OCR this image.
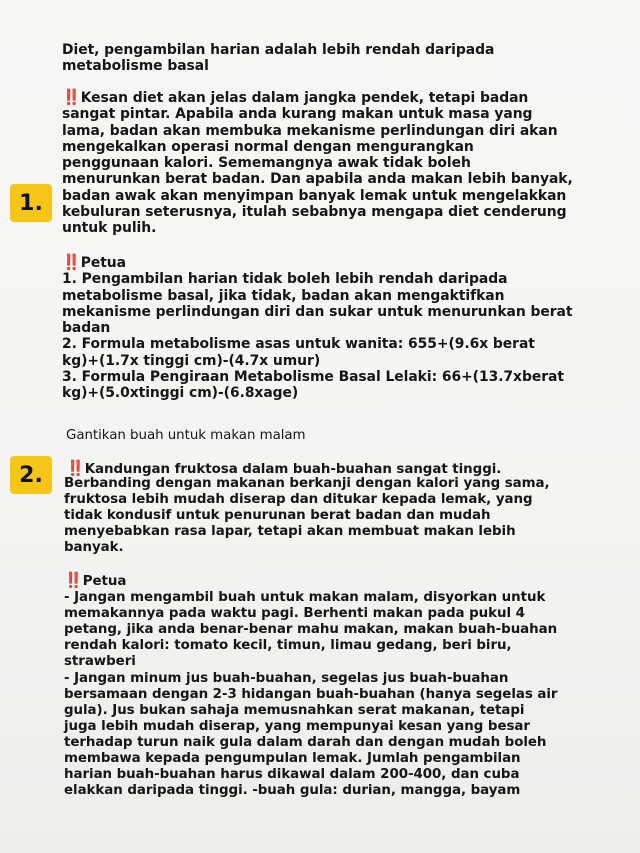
1.
2.
Diet, pengambilan harian adalah lebih rendah daripada
metabolisme basal
‼️ Kesan diet akan jelas dalam jangka pendek, tetapi badan
sangat pintar. Apabila anda kurang makan untuk masa yang
lama, badan akan membuka mekanisme perlindungan diri akan
mengekalkan operasi normal dengan mengurangkan
penggunaan kalori. Sememangnya awak tidak boleh
menurunkan berat badan. Dan apabila anda makan lebih banyak,
badan awak akan menyimpan banyak lemak untuk mengelakkan
kebuluran seterusnya, itulah sebabnya mengapa diet cenderung
untuk pulih.
‼️ Petua
1. Pengambilan harian tidak boleh lebih rendah daripada
metabolisme basal, jika tidak, badan akan mengaktifkan
mekanisme perlindungan diri dan sukar untuk menurunkan berat
badan
2. Formula metabolisme asas untuk wanita: 655+(9.6x berat
kg)+(1.7x tinggi cm)-(4.7x umur)
3. Formula Pengiraan Metabolisme Basal Lelaki: 66+(13.7xberat
kg)+(5.0xtinggi cm)-(6.8xage)
Gantikan buah untuk makan malam
‼️ Kandungan fruktosa dalam buah-buahan sangat tinggi.
Berbanding dengan makanan berkanji dengan kalori yang sama,
fruktosa lebih mudah diserap dan ditukar kepada lemak, yang
tidak kondusif untuk penurunan berat badan dan mudah
menyebabkan rasa lapar, tetapi akan membuat makan lebih
banyak.
‼️ Petua
- Jangan mengambil buah untuk makan malam, disyorkan untuk
memakannya pada waktu pagi. Berhenti makan pada pukul 4
petang, jika anda benar-benar mahu makan, makan buah-buahan
rendah kalori: tomato kecil, timun, limau gedang, beri biru,
strawberi
- Jangan minum jus buah-buahan, segelas jus buah-buahan
bersamaan dengan 2-3 hidangan buah-buahan (hanya segelas air
gula). Jus bukan sahaja memusnahkan serat makanan, tetapi
juga lebih mudah diserap, yang mempunyai kesan yang besar
terhadap turun naik gula dalam darah dan dengan mudah boleh
membawa kepada pengumpulan lemak. Jumlah pengambilan
harian buah-buahan harus dikawal dalam 200-400, dan cuba
elakkan daripada tinggi. -buah gula: durian, mangga, bayam
